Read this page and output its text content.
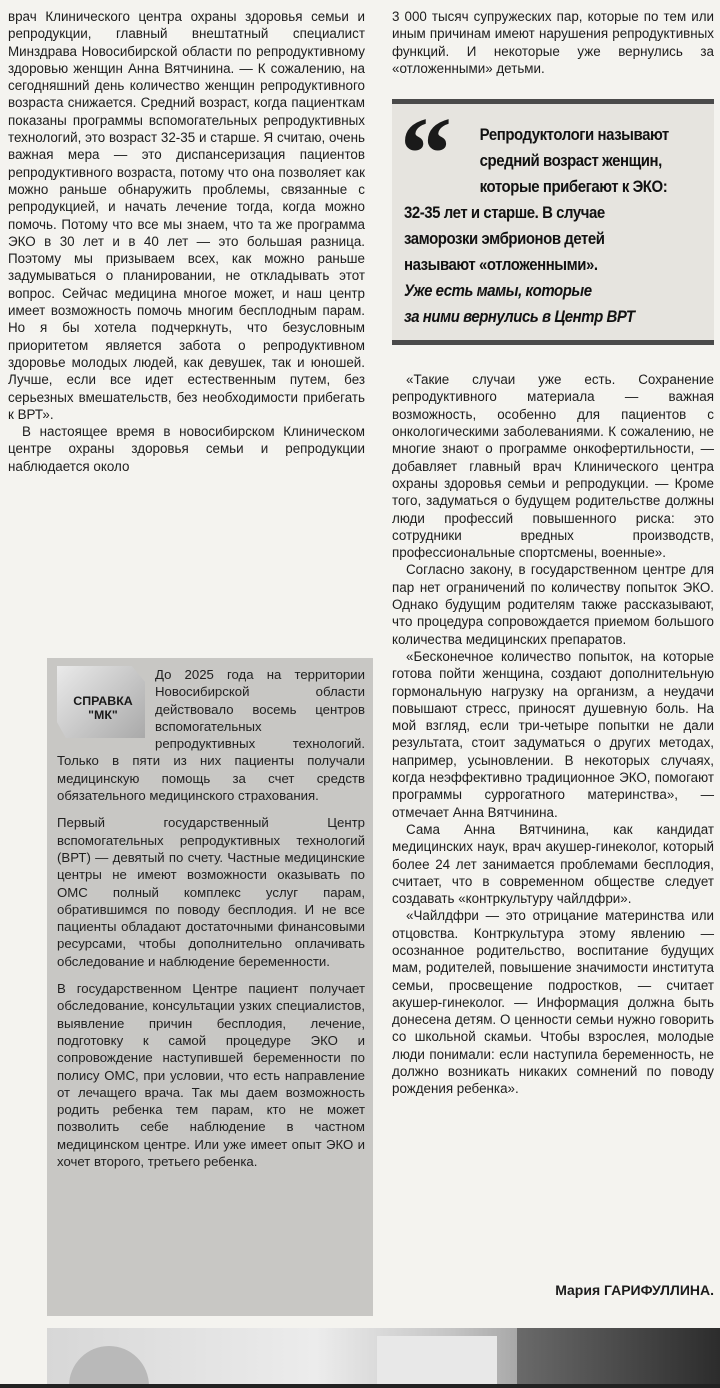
врач Клинического центра охраны здоровья семьи и репродукции, главный внештатный специалист Минздрава Новосибирской области по репродуктивному здоровью женщин Анна Вятчинина. — К сожалению, на сегодняшний день количество женщин репродуктивного возраста снижается. Средний возраст, когда пациенткам показаны программы вспомогательных репродуктивных технологий, это возраст 32-35 и старше. Я считаю, очень важная мера — это диспансеризация пациентов репродуктивного возраста, потому что она позволяет как можно раньше обнаружить проблемы, связанные с репродукцией, и начать лечение тогда, когда можно помочь. Потому что все мы знаем, что та же программа ЭКО в 30 лет и в 40 лет — это большая разница. Поэтому мы призываем всех, как можно раньше задумываться о планировании, не откладывать этот вопрос. Сейчас медицина многое может, и наш центр имеет возможность помочь многим бесплодным парам. Но я бы хотела подчеркнуть, что безусловным приоритетом является забота о репродуктивном здоровье молодых людей, как девушек, так и юношей. Лучше, если все идет естественным путем, без серьезных вмешательств, без необходимости прибегать к ВРТ».

В настоящее время в новосибирском Клиническом центре охраны здоровья семьи и репродукции наблюдается около

3 000 тысяч супружеских пар, которые по тем или иным причинам имеют нарушения репродуктивных функций. И некоторые уже вернулись за «отложенными» детьми.

“	Репродуктологи называют
средний возраст женщин,
которые прибегают к ЭКО:
32-35 лет и старше. В случае
заморозки эмбрионов детей
называют «отложенными».
Уже есть мамы, которые
за ними вернулись в Центр ВРТ

«Такие случаи уже есть. Сохранение репродуктивного материала — важная возможность, особенно для пациентов с онкологическими заболеваниями. К сожалению, не многие знают о программе онкофертильности, — добавляет главный врач Клинического центра охраны здоровья семьи и репродукции. — Кроме того, задуматься о будущем родительстве должны люди профессий повышенного риска: это сотрудники вредных производств, профессиональные спортсмены, военные».

Согласно закону, в государственном центре для пар нет ограничений по количеству попыток ЭКО. Однако будущим родителям также рассказывают, что процедура сопровождается приемом большого количества медицинских препаратов.

«Бесконечное количество попыток, на которые готова пойти женщина, создают дополнительную гормональную нагрузку на организм, а неудачи повышают стресс, приносят душевную боль. На мой взгляд, если три-четыре попытки не дали результата, стоит задуматься о других методах, например, усыновлении. В некоторых случаях, когда неэффективно традиционное ЭКО, помогают программы суррогатного материнства», — отмечает Анна Вятчинина.

Сама Анна Вятчинина, как кандидат медицинских наук, врач акушер-гинеколог, который более 24 лет занимается проблемами бесплодия, считает, что в современном обществе следует создавать «контркультуру чайлдфри».

«Чайлдфри — это отрицание материнства или отцовства. Контркультура этому явлению — осознанное родительство, воспитание будущих мам, родителей, повышение значимости института семьи, просвещение подростков, — считает акушер-гинеколог. — Информация должна быть донесена детям. О ценности семьи нужно говорить со школьной скамьи. Чтобы взрослея, молодые люди понимали: если наступила беременность, не должно возникать никаких сомнений по поводу рождения ребенка».

СПРАВКА
"МК"

До 2025 года на территории Новосибирской области действовало восемь центров вспомогательных репродуктивных технологий. Только в пяти из них пациенты получали медицинскую помощь за счет средств обязательного медицинского страхования.

Первый государственный Центр вспомогательных репродуктивных технологий (ВРТ) — девятый по счету. Частные медицинские центры не имеют возможности оказывать по ОМС полный комплекс услуг парам, обратившимся по поводу бесплодия. И не все пациенты обладают достаточными финансовыми ресурсами, чтобы дополнительно оплачивать обследование и наблюдение беременности.

В государственном Центре пациент получает обследование, консультации узких специалистов, выявление причин бесплодия, лечение, подготовку к самой процедуре ЭКО и сопровождение наступившей беременности по полису ОМС, при условии, что есть направление от лечащего врача. Так мы даем возможность родить ребенка тем парам, кто не может позволить себе наблюдение в частном медицинском центре. Или уже имеет опыт ЭКО и хочет второго, третьего ребенка.

Мария ГАРИФУЛЛИНА.
